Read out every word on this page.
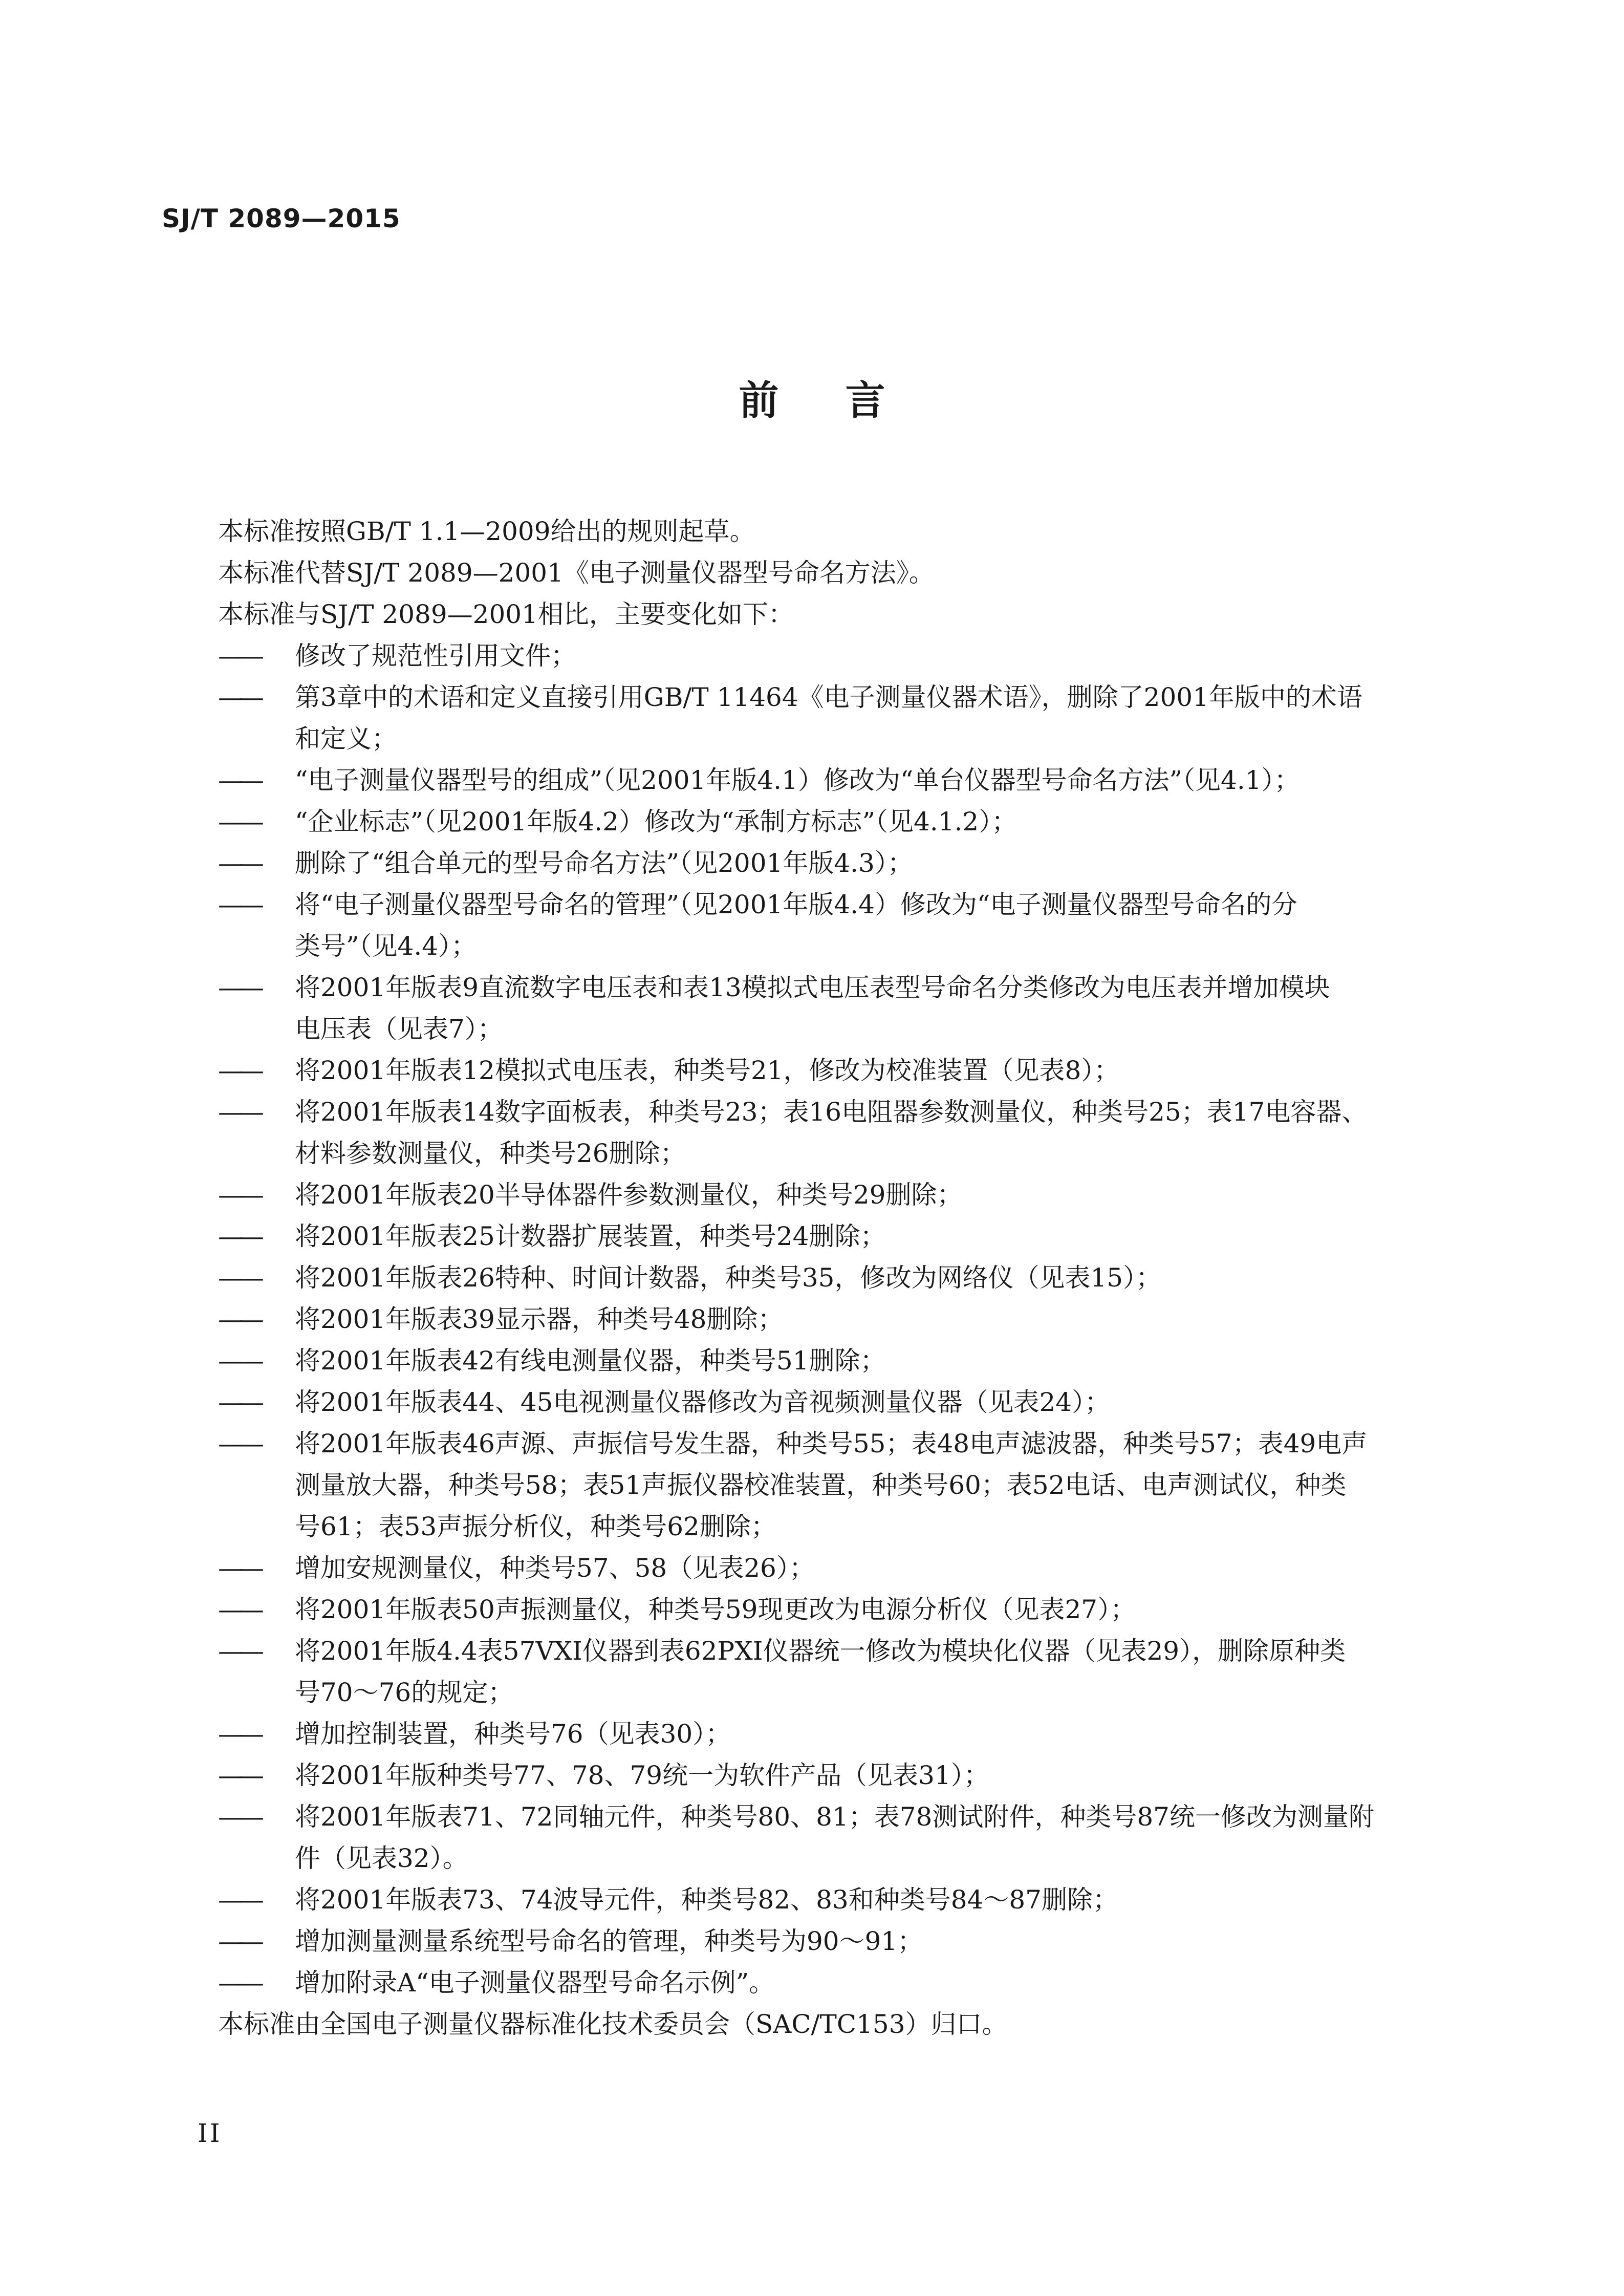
SJ/T 2089—2015
前言
本标准按照GB/T 1.1—2009给出的规则起草。
本标准代替SJ/T 2089—2001《电子测量仪器型号命名方法》。
本标准与SJ/T 2089—2001相比，主要变化如下：
——	修改了规范性引用文件；
——	第3章中的术语和定义直接引用GB/T 11464《电子测量仪器术语》，删除了2001年版中的术语
和定义；
——	“电子测量仪器型号的组成”（见2001年版4.1）修改为“单台仪器型号命名方法”（见4.1）；
——	“企业标志”（见2001年版4.2）修改为“承制方标志”（见4.1.2）；
——	删除了“组合单元的型号命名方法”（见2001年版4.3）；
——	将“电子测量仪器型号命名的管理”（见2001年版4.4）修改为“电子测量仪器型号命名的分
类号”（见4.4）；
——	将2001年版表9直流数字电压表和表13模拟式电压表型号命名分类修改为电压表并增加模块
电压表（见表7）；
——	将2001年版表12模拟式电压表，种类号21，修改为校准装置（见表8）；
——	将2001年版表14数字面板表，种类号23；表16电阻器参数测量仪，种类号25；表17电容器、
材料参数测量仪，种类号26删除；
——	将2001年版表20半导体器件参数测量仪，种类号29删除；
——	将2001年版表25计数器扩展装置，种类号24删除；
——	将2001年版表26特种、时间计数器，种类号35，修改为网络仪（见表15）；
——	将2001年版表39显示器，种类号48删除；
——	将2001年版表42有线电测量仪器，种类号51删除；
——	将2001年版表44、45电视测量仪器修改为音视频测量仪器（见表24）；
——	将2001年版表46声源、声振信号发生器，种类号55；表48电声滤波器，种类号57；表49电声
测量放大器，种类号58；表51声振仪器校准装置，种类号60；表52电话、电声测试仪，种类
号61；表53声振分析仪，种类号62删除；
——	增加安规测量仪，种类号57、58（见表26）；
——	将2001年版表50声振测量仪，种类号59现更改为电源分析仪（见表27）；
——	将2001年版4.4表57VXI仪器到表62PXI仪器统一修改为模块化仪器（见表29），删除原种类
号70～76的规定；
——	增加控制装置，种类号76（见表30）；
——	将2001年版种类号77、78、79统一为软件产品（见表31）；
——	将2001年版表71、72同轴元件，种类号80、81；表78测试附件，种类号87统一修改为测量附
件（见表32）。
——	将2001年版表73、74波导元件，种类号82、83和种类号84～87删除；
——	增加测量测量系统型号命名的管理，种类号为90～91；
——	增加附录A“电子测量仪器型号命名示例”。
本标准由全国电子测量仪器标准化技术委员会（SAC/TC153）归口。
II
